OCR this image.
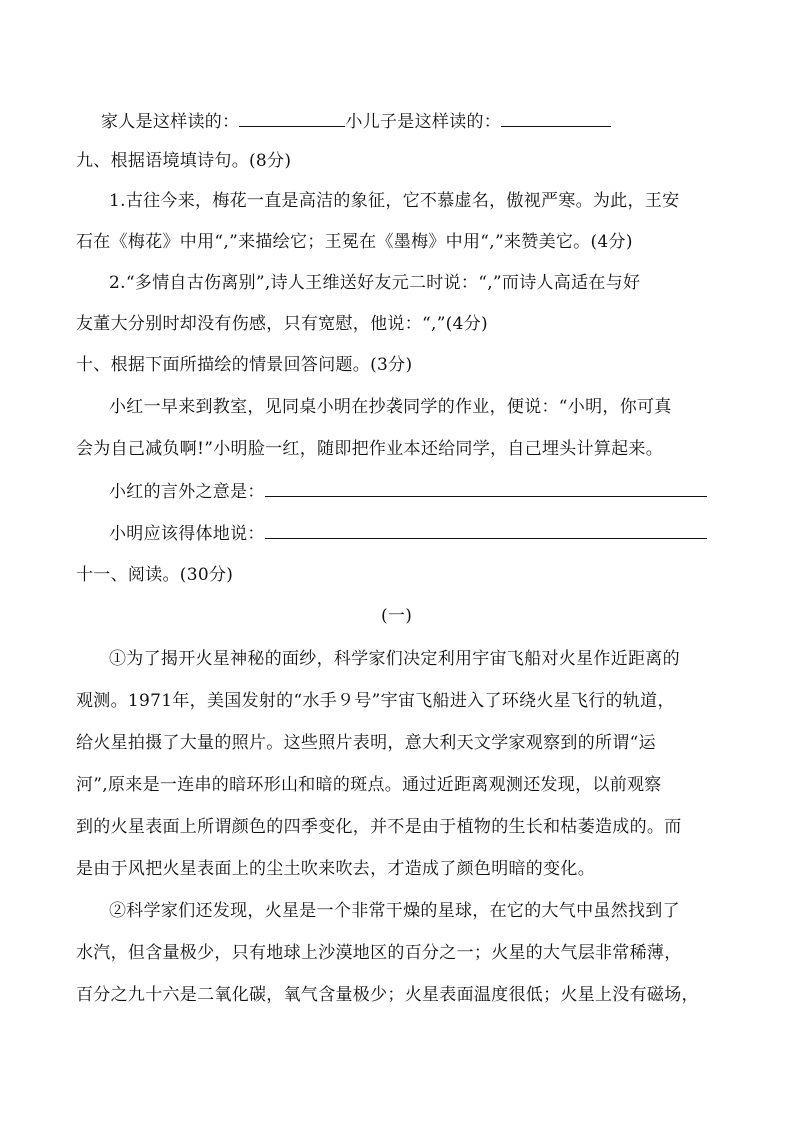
家人是这样读的：	小儿子是这样读的：
九、根据语境填诗句。(8分)
1.古往今来，梅花一直是高洁的象征，它不慕虚名，傲视严寒。为此，王安
石在《梅花》中用“,”来描绘它；王冕在《墨梅》中用“,”来赞美它。(4分)
2.“多情自古伤离别”,诗人王维送好友元二时说：“,”而诗人高适在与好
友董大分别时却没有伤感，只有宽慰，他说：“,”(4分)
十、根据下面所描绘的情景回答问题。(3分)
小红一早来到教室，见同桌小明在抄袭同学的作业，便说：“小明，你可真
会为自己减负啊!”小明脸一红，随即把作业本还给同学，自己埋头计算起来。
小红的言外之意是：
小明应该得体地说：
十一、阅读。(30分)
(一)
①为了揭开火星神秘的面纱，科学家们决定利用宇宙飞船对火星作近距离的
观测。1971年，美国发射的“水手９号”宇宙飞船进入了环绕火星飞行的轨道，
给火星拍摄了大量的照片。这些照片表明，意大利天文学家观察到的所谓“运
河”,原来是一连串的暗环形山和暗的斑点。通过近距离观测还发现，以前观察
到的火星表面上所谓颜色的四季变化，并不是由于植物的生长和枯萎造成的。而
是由于风把火星表面上的尘土吹来吹去，才造成了颜色明暗的变化。
②科学家们还发现，火星是一个非常干燥的星球，在它的大气中虽然找到了
水汽，但含量极少，只有地球上沙漠地区的百分之一；火星的大气层非常稀薄，
百分之九十六是二氧化碳，氧气含量极少；火星表面温度很低；火星上没有磁场，
